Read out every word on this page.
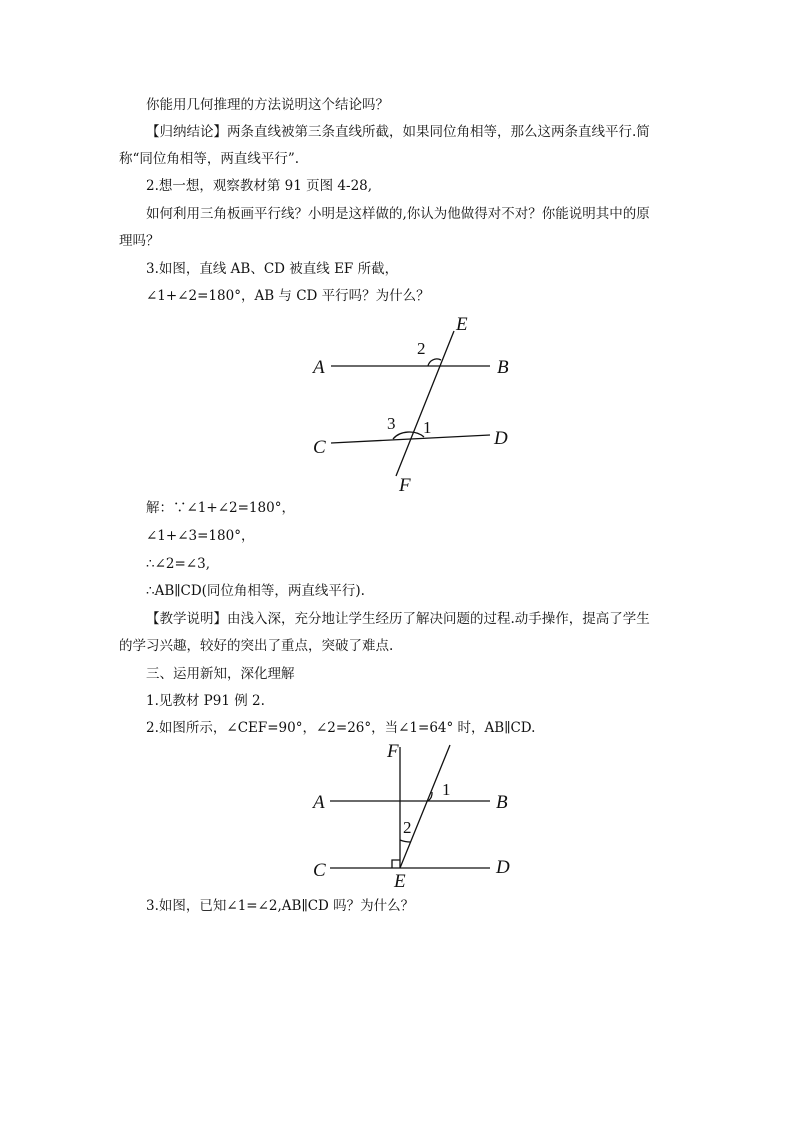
你能用几何推理的方法说明这个结论吗？
【归纳结论】两条直线被第三条直线所截，如果同位角相等，那么这两条直线平行.简
称“同位角相等，两直线平行”.
2.想一想，观察教材第 91 页图 4-28,
如何利用三角板画平行线？小明是这样做的,你认为他做得对不对？你能说明其中的原
理吗？
3.如图，直线 AB、CD 被直线 EF 所截，
∠1+∠2=180°，AB 与 CD 平行吗？为什么？
解：∵∠1+∠2=180°，
∠1+∠3=180°，
∴∠2=∠3,
∴AB∥CD(同位角相等，两直线平行).
【教学说明】由浅入深，充分地让学生经历了解决问题的过程.动手操作，提高了学生
的学习兴趣，较好的突出了重点，突破了难点.
三、运用新知，深化理解
1.见教材 P91 例 2.
2.如图所示，∠CEF=90°，∠2=26°，当∠1=64° 时，AB∥CD.
3.如图，已知∠1=∠2,AB∥CD 吗？为什么？
E
A	B
C	D
F
2
3 1
F
A	B
C	D
E
1
2
